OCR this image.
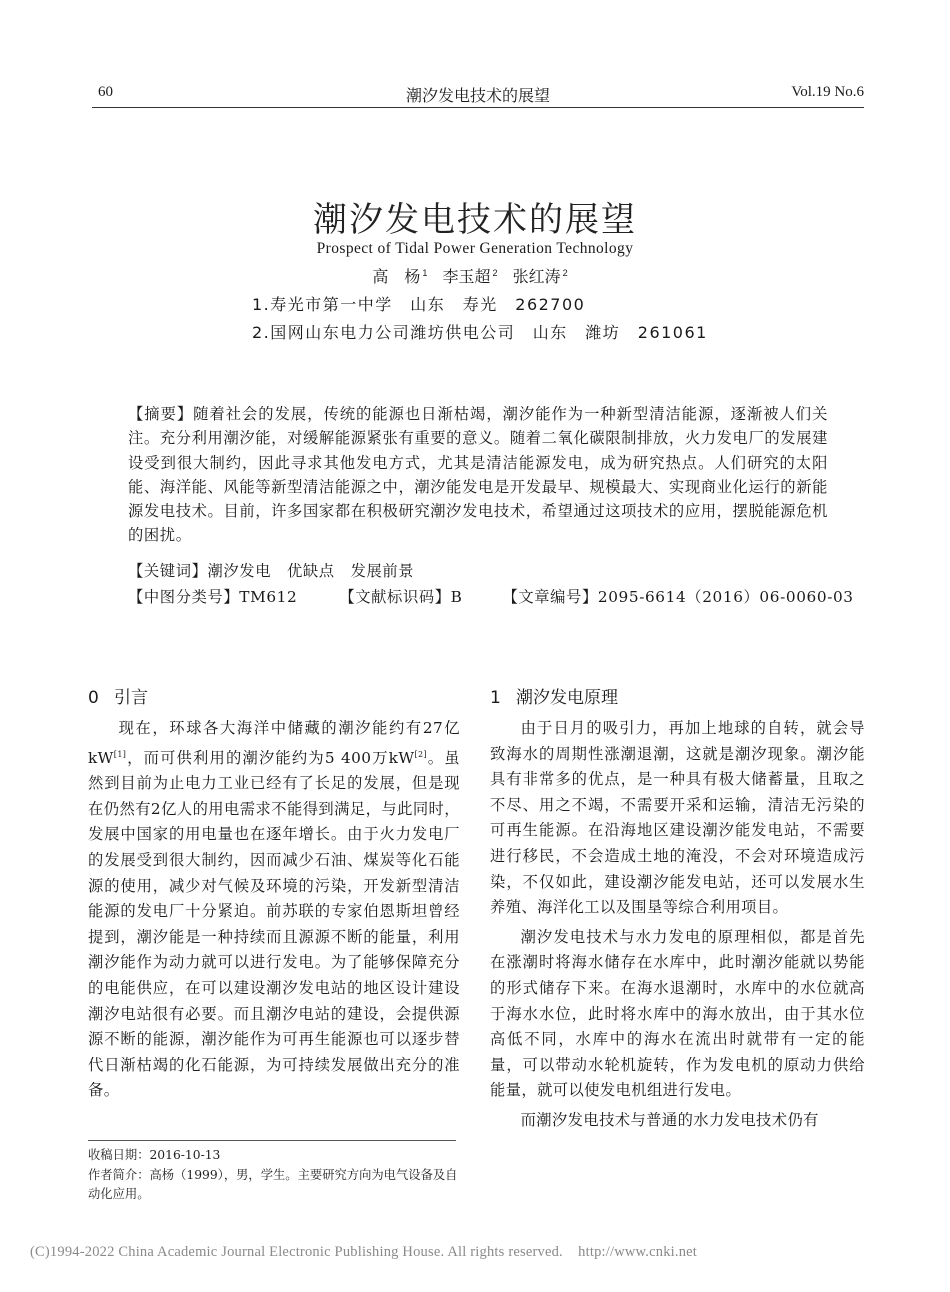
60	潮汐发电技术的展望	Vol.19 No.6
潮汐发电技术的展望
Prospect of Tidal Power Generation Technology
高　杨 $^1$ 李玉超 $^2$ 张红涛 $^2$
1.寿光市第一中学　山东　寿光　262700
2.国网山东电力公司潍坊供电公司　山东　潍坊　261061
【摘要】随着社会的发展，传统的能源也日渐枯竭，潮汐能作为一种新型清洁能源，逐渐被人们关注。充分利用潮汐能，对缓解能源紧张有重要的意义。随着二氧化碳限制排放，火力发电厂的发展建设受到很大制约，因此寻求其他发电方式，尤其是清洁能源发电，成为研究热点。人们研究的太阳能、海洋能、风能等新型清洁能源之中，潮汐能发电是开发最早、规模最大、实现商业化运行的新能源发电技术。目前，许多国家都在积极研究潮汐发电技术，希望通过这项技术的应用，摆脱能源危机的困扰。
【关键词】潮汐发电　优缺点　发展前景
【中图分类号】TM612	【文献标识码】B	【文章编号】2095-6614（2016）06-0060-03
0 引言

现在，环球各大海洋中储藏的潮汐能约有27亿kW[1]，而可供利用的潮汐能约为5 400万kW[2]。虽然到目前为止电力工业已经有了长足的发展，但是现在仍然有2亿人的用电需求不能得到满足，与此同时，发展中国家的用电量也在逐年增长。由于火力发电厂的发展受到很大制约，因而减少石油、煤炭等化石能源的使用，减少对气候及环境的污染，开发新型清洁能源的发电厂十分紧迫。前苏联的专家伯恩斯坦曾经提到，潮汐能是一种持续而且源源不断的能量，利用潮汐能作为动力就可以进行发电。为了能够保障充分的电能供应，在可以建设潮汐发电站的地区设计建设潮汐电站很有必要。而且潮汐电站的建设，会提供源源不断的能源，潮汐能作为可再生能源也可以逐步替代日渐枯竭的化石能源，为可持续发展做出充分的准备。

收稿日期：2016-10-13
作者简介：高杨（1999），男，学生。主要研究方向为电气设备及自动化应用。
1 潮汐发电原理

由于日月的吸引力，再加上地球的自转，就会导致海水的周期性涨潮退潮，这就是潮汐现象。潮汐能具有非常多的优点，是一种具有极大储蓄量，且取之不尽、用之不竭，不需要开采和运输，清洁无污染的可再生能源。在沿海地区建设潮汐能发电站，不需要进行移民，不会造成土地的淹没，不会对环境造成污染，不仅如此，建设潮汐能发电站，还可以发展水生养殖、海洋化工以及围垦等综合利用项目。

潮汐发电技术与水力发电的原理相似，都是首先在涨潮时将海水储存在水库中，此时潮汐能就以势能的形式储存下来。在海水退潮时，水库中的水位就高于海水水位，此时将水库中的海水放出，由于其水位高低不同，水库中的海水在流出时就带有一定的能量，可以带动水轮机旋转，作为发电机的原动力供给能量，就可以使发电机组进行发电。

而潮汐发电技术与普通的水力发电技术仍有

(C)1994-2022 China Academic Journal Electronic Publishing House. All rights reserved.    http://www.cnki.net
